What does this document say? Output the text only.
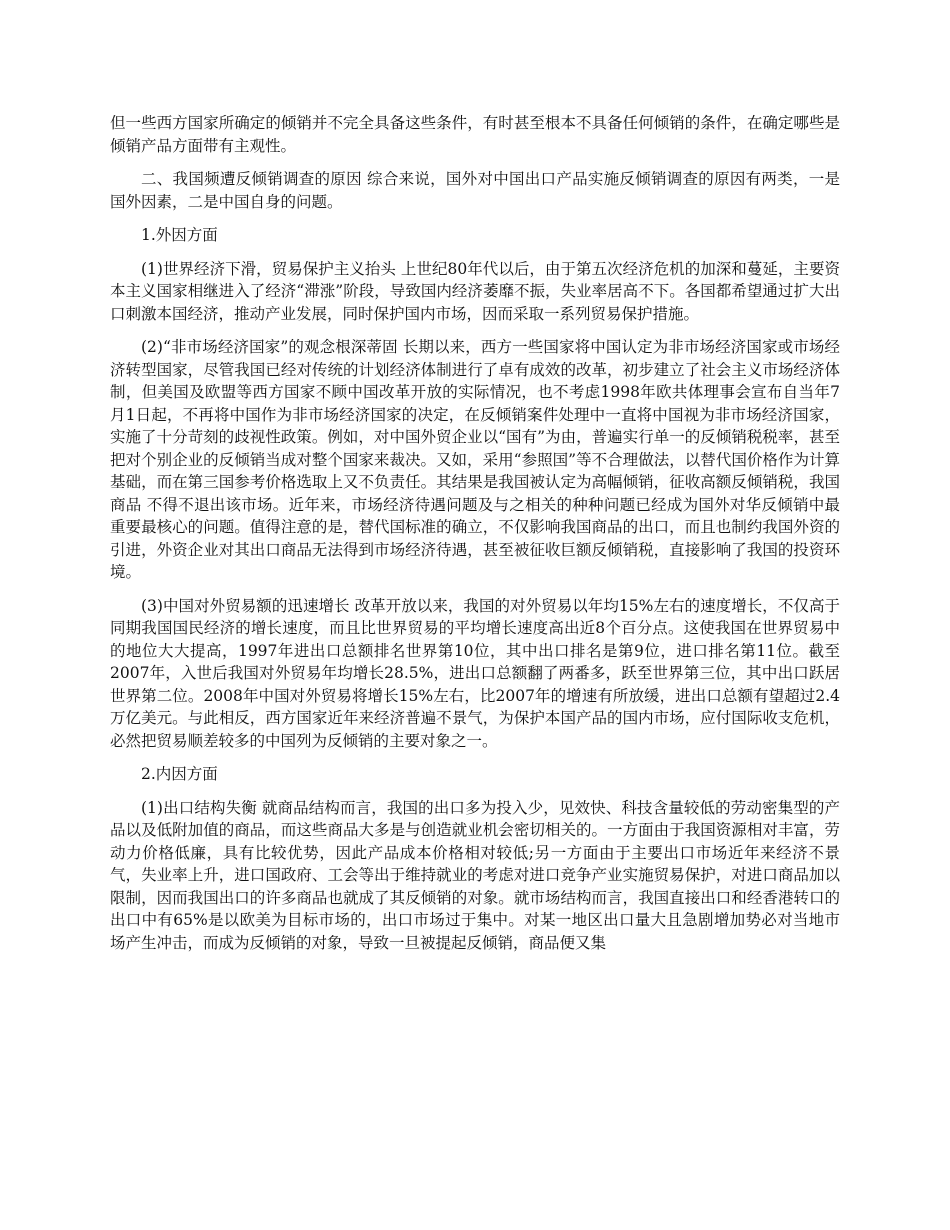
但一些西方国家所确定的倾销并不完全具备这些条件，有时甚至根本不具备任何倾销的条件，在确定哪些是倾销产品方面带有主观性。

二、我国频遭反倾销调查的原因 综合来说，国外对中国出口产品实施反倾销调查的原因有两类，一是国外因素，二是中国自身的问题。

1.外因方面

(1)世界经济下滑，贸易保护主义抬头 上世纪80年代以后，由于第五次经济危机的加深和蔓延，主要资本主义国家相继进入了经济“滞涨”阶段，导致国内经济萎靡不振，失业率居高不下。各国都希望通过扩大出口刺激本国经济，推动产业发展，同时保护国内市场，因而采取一系列贸易保护措施。

(2)“非市场经济国家”的观念根深蒂固 长期以来，西方一些国家将中国认定为非市场经济国家或市场经济转型国家，尽管我国已经对传统的计划经济体制进行了卓有成效的改革，初步建立了社会主义市场经济体制，但美国及欧盟等西方国家不顾中国改革开放的实际情况，也不考虑1998年欧共体理事会宣布自当年7月1日起，不再将中国作为非市场经济国家的决定，在反倾销案件处理中一直将中国视为非市场经济国家，实施了十分苛刻的歧视性政策。例如，对中国外贸企业以“国有”为由，普遍实行单一的反倾销税税率，甚至把对个别企业的反倾销当成对整个国家来裁决。又如，采用“参照国”等不合理做法，以替代国价格作为计算基础，而在第三国参考价格选取上又不负责任。其结果是我国被认定为高幅倾销，征收高额反倾销税，我国商品 不得不退出该市场。近年来，市场经济待遇问题及与之相关的种种问题已经成为国外对华反倾销中最重要最核心的问题。值得注意的是，替代国标准的确立，不仅影响我国商品的出口，而且也制约我国外资的引进，外资企业对其出口商品无法得到市场经济待遇，甚至被征收巨额反倾销税，直接影响了我国的投资环境。

(3)中国对外贸易额的迅速增长 改革开放以来，我国的对外贸易以年均15%左右的速度增长，不仅高于同期我国国民经济的增长速度，而且比世界贸易的平均增长速度高出近8个百分点。这使我国在世界贸易中的地位大大提高，1997年进出口总额排名世界第10位，其中出口排名是第9位，进口排名第11位。截至2007年，入世后我国对外贸易年均增长28.5%，进出口总额翻了两番多，跃至世界第三位，其中出口跃居世界第二位。2008年中国对外贸易将增长15%左右，比2007年的增速有所放缓，进出口总额有望超过2.4万亿美元。与此相反，西方国家近年来经济普遍不景气，为保护本国产品的国内市场，应付国际收支危机，必然把贸易顺差较多的中国列为反倾销的主要对象之一。

2.内因方面

(1)出口结构失衡 就商品结构而言，我国的出口多为投入少，见效快、科技含量较低的劳动密集型的产品以及低附加值的商品，而这些商品大多是与创造就业机会密切相关的。一方面由于我国资源相对丰富，劳动力价格低廉，具有比较优势，因此产品成本价格相对较低;另一方面由于主要出口市场近年来经济不景气，失业率上升，进口国政府、工会等出于维持就业的考虑对进口竞争产业实施贸易保护，对进口商品加以限制，因而我国出口的许多商品也就成了其反倾销的对象。就市场结构而言，我国直接出口和经香港转口的出口中有65%是以欧美为目标市场的，出口市场过于集中。对某一地区出口量大且急剧增加势必对当地市场产生冲击，而成为反倾销的对象，导致一旦被提起反倾销，商品便又集
